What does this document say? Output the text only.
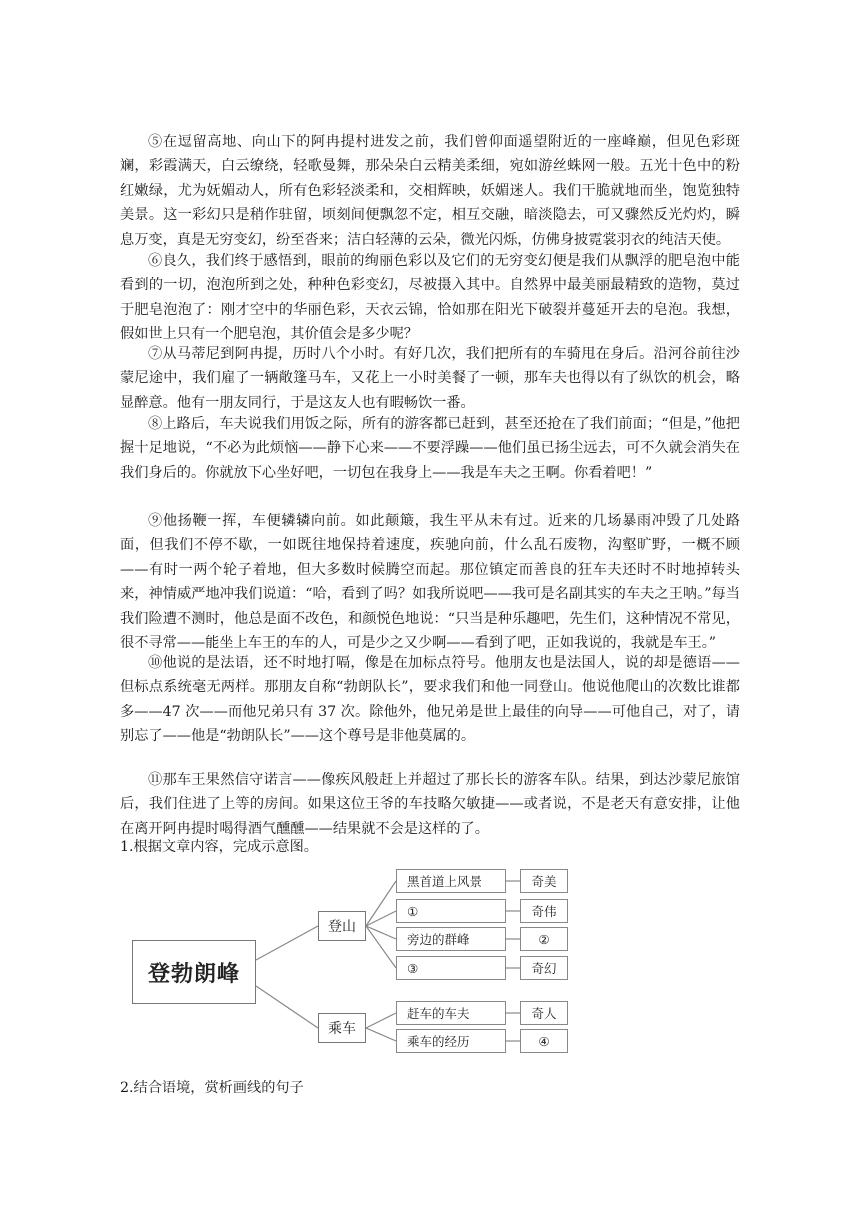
⑤在逗留高地、向山下的阿冉提村进发之前，我们曾仰面遥望附近的一座峰巅，但见色彩斑斓，彩霞满天，白云缭绕，轻歌曼舞，那朵朵白云精美柔细，宛如游丝蛛网一般。五光十色中的粉红嫩绿，尤为妩媚动人，所有色彩轻淡柔和，交相辉映，妖媚迷人。我们干脆就地而坐，饱览独特美景。这一彩幻只是稍作驻留，顷刻间便飘忽不定，相互交融，暗淡隐去，可又骤然反光灼灼，瞬息万变，真是无穷变幻，纷至沓来；洁白轻薄的云朵，微光闪烁，仿佛身披霓裳羽衣的纯洁天使。

⑥良久，我们终于感悟到，眼前的绚丽色彩以及它们的无穷变幻便是我们从飘浮的肥皂泡中能看到的一切，泡泡所到之处，种种色彩变幻，尽被摄入其中。自然界中最美丽最精致的造物，莫过于肥皂泡泡了：刚才空中的华丽色彩，天衣云锦，恰如那在阳光下破裂并蔓延开去的皂泡。我想，假如世上只有一个肥皂泡，其价值会是多少呢？

⑦从马蒂尼到阿冉提，历时八个小时。有好几次，我们把所有的车骑甩在身后。沿河谷前往沙蒙尼途中，我们雇了一辆敞篷马车，又花上一小时美餐了一顿，那车夫也得以有了纵饮的机会，略显醉意。他有一朋友同行，于是这友人也有暇畅饮一番。

⑧上路后，车夫说我们用饭之际，所有的游客都已赶到，甚至还抢在了我们前面；“但是，”他把握十足地说，“不必为此烦恼——静下心来——不要浮躁——他们虽已扬尘远去，可不久就会消失在我们身后的。你就放下心坐好吧，一切包在我身上——我是车夫之王啊。你看着吧！”

⑨他扬鞭一挥，车便辚辚向前。如此颠簸，我生平从未有过。近来的几场暴雨冲毁了几处路面，但我们不停不歇，一如既往地保持着速度，疾驰向前，什么乱石废物，沟壑旷野，一概不顾——有时一两个轮子着地，但大多数时候腾空而起。那位镇定而善良的狂车夫还时不时地掉转头来，神情威严地冲我们说道：“哈，看到了吗？如我所说吧——我可是名副其实的车夫之王呐。”每当我们险遭不测时，他总是面不改色，和颜悦色地说：“只当是种乐趣吧，先生们，这种情况不常见，很不寻常——能坐上车王的车的人，可是少之又少啊——看到了吧，正如我说的，我就是车王。”

⑩他说的是法语，还不时地打嗝，像是在加标点符号。他朋友也是法国人，说的却是德语——但标点系统毫无两样。那朋友自称“勃朗队长”，要求我们和他一同登山。他说他爬山的次数比谁都多——47 次——而他兄弟只有 37 次。除他外，他兄弟是世上最佳的向导——可他自己，对了，请别忘了——他是“勃朗队长”——这个尊号是非他莫属的。

⑪那车王果然信守诺言——像疾风般赶上并超过了那长长的游客车队。结果，到达沙蒙尼旅馆后，我们住进了上等的房间。如果这位王爷的车技略欠敏捷——或者说，不是老天有意安排，让他在离开阿冉提时喝得酒气醺醺——结果就不会是这样的了。

1.根据文章内容，完成示意图。

登勃朗峰
登山
乘车
黑首道上风景	奇美
①	奇伟
旁边的群峰	②
③	奇幻
赶车的车夫	奇人
乘车的经历	④

2.结合语境，赏析画线的句子
